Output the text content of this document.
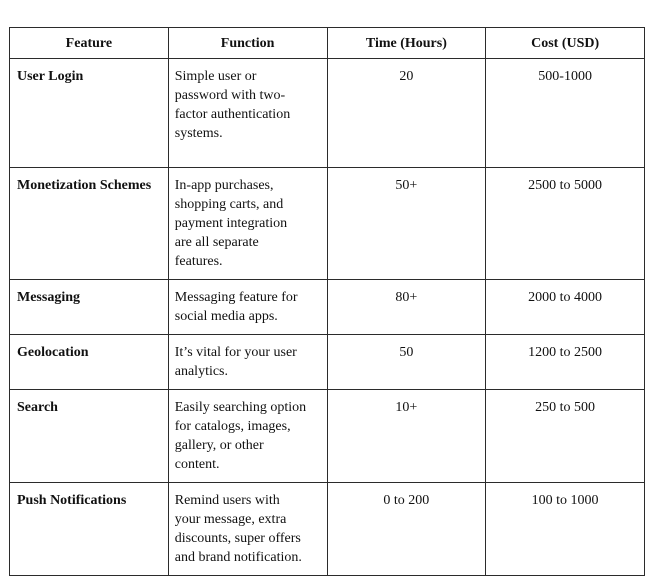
Feature	Function	Time (Hours)	Cost (USD)
User Login	Simple user or password with two-factor authentication systems.	20	500-1000
Monetization Schemes	In-app purchases, shopping carts, and payment integration are all separate features.	50+	2500 to 5000
Messaging	Messaging feature for social media apps.	80+	2000 to 4000
Geolocation	It’s vital for your user analytics.	50	1200 to 2500
Search	Easily searching option for catalogs, images, gallery, or other content.	10+	250 to 500
Push Notifications	Remind users with your message, extra discounts, super offers and brand notification.	0 to 200	100 to 1000
